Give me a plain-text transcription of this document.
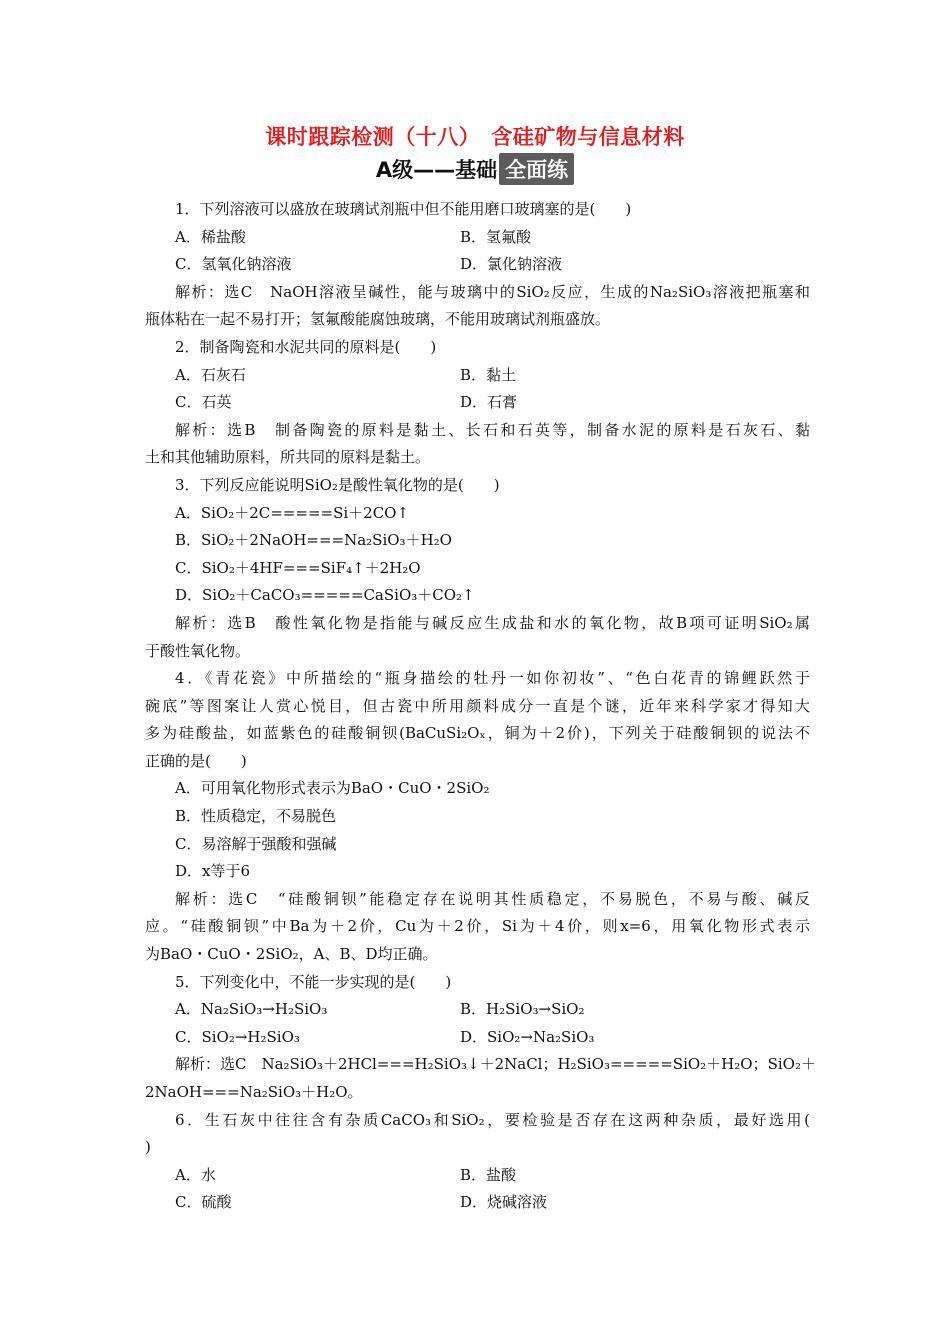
课时跟踪检测（十八）　含硅矿物与信息材料
A级——基础 全面练
1．下列溶液可以盛放在玻璃试剂瓶中但不能用磨口玻璃塞的是(　　)
A．稀盐酸	B．氢氟酸
C．氢氧化钠溶液	D．氯化钠溶液
解析：选C　NaOH溶液呈碱性，能与玻璃中的SiO₂反应，生成的Na₂SiO₃溶液把瓶塞和
瓶体粘在一起不易打开；氢氟酸能腐蚀玻璃，不能用玻璃试剂瓶盛放。
2．制备陶瓷和水泥共同的原料是(　　)
A．石灰石	B．黏土
C．石英	D．石膏
解析：选B　制备陶瓷的原料是黏土、长石和石英等，制备水泥的原料是石灰石、黏
土和其他辅助原料，所共同的原料是黏土。
3．下列反应能说明SiO₂是酸性氧化物的是(　　)
A．SiO₂＋2C=====Si＋2CO↑
B．SiO₂＋2NaOH===Na₂SiO₃＋H₂O
C．SiO₂＋4HF===SiF₄↑＋2H₂O
D．SiO₂＋CaCO₃=====CaSiO₃＋CO₂↑
解析：选B　酸性氧化物是指能与碱反应生成盐和水的氧化物，故B项可证明SiO₂属
于酸性氧化物。
4．《青花瓷》中所描绘的“瓶身描绘的牡丹一如你初妆”、“色白花青的锦鲤跃然于
碗底”等图案让人赏心悦目，但古瓷中所用颜料成分一直是个谜，近年来科学家才得知大
多为硅酸盐，如蓝紫色的硅酸铜钡(BaCuSi₂Oₓ，铜为＋2价)，下列关于硅酸铜钡的说法不
正确的是(　　)
A．可用氧化物形式表示为BaO・CuO・2SiO₂
B．性质稳定，不易脱色
C．易溶解于强酸和强碱
D．x等于6
解析：选C　“硅酸铜钡”能稳定存在说明其性质稳定，不易脱色，不易与酸、碱反
应。“硅酸铜钡”中Ba为＋2价，Cu为＋2价，Si为＋4价，则x=6，用氧化物形式表示
为BaO・CuO・2SiO₂，A、B、D均正确。
5．下列变化中，不能一步实现的是(　　)
A．Na₂SiO₃→H₂SiO₃	B．H₂SiO₃→SiO₂
C．SiO₂→H₂SiO₃	D．SiO₂→Na₂SiO₃
解析：选C　Na₂SiO₃＋2HCl===H₂SiO₃↓＋2NaCl；H₂SiO₃=====SiO₂＋H₂O；SiO₂＋
2NaOH===Na₂SiO₃＋H₂O。
6．生石灰中往往含有杂质CaCO₃和SiO₂，要检验是否存在这两种杂质，最好选用(
)
A．水	B．盐酸
C．硫酸	D．烧碱溶液
